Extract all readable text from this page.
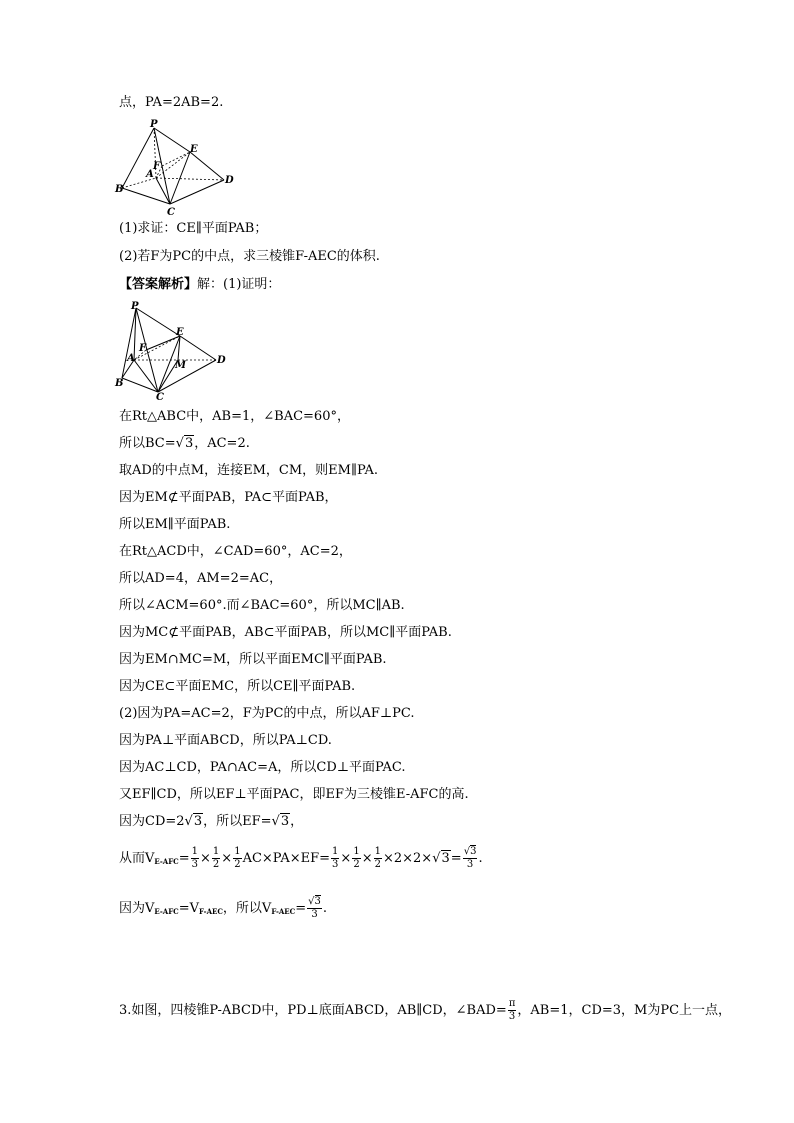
点，PA=2AB=2.
P
E
F
A
B
C
D
(1)求证：CE∥平面PAB；
(2)若F为PC的中点，求三棱锥F-AEC的体积.
【答案解析】解：(1)证明：
P
E
F
A
B
C
D
M
在Rt△ABC中，AB=1，∠BAC=60°，
所以BC=√3，AC=2.
取AD的中点M，连接EM，CM，则EM∥PA.
因为EM⊄平面PAB，PA⊂平面PAB，
所以EM∥平面PAB.
在Rt△ACD中，∠CAD=60°，AC=2，
所以AD=4，AM=2=AC，
所以∠ACM=60°.而∠BAC=60°，所以MC∥AB.
因为MC⊄平面PAB，AB⊂平面PAB，所以MC∥平面PAB.
因为EM∩MC=M，所以平面EMC∥平面PAB.
因为CE⊂平面EMC，所以CE∥平面PAB.
(2)因为PA=AC=2，F为PC的中点，所以AF⊥PC.
因为PA⊥平面ABCD，所以PA⊥CD.
因为AC⊥CD，PA∩AC=A，所以CD⊥平面PAC.
又EF∥CD，所以EF⊥平面PAC，即EF为三棱锥E-AFC的高.
因为CD=2√3，所以EF=√3，
从而$V_{E-AFC}= \frac{1}{3} \times \frac{1}{2} \times \frac{1}{2} AC\times PA\times EF= \frac{1}{3} \times \frac{1}{2} \times \frac{1}{2} \times 2\times 2\times√3= \frac{√3}{3}$ .
因为$V_{E-AFC}=V_{F-AEC}$，所以$V_{F-AEC}= \frac{√3}{3}$ .
3.如图，四棱锥P-ABCD中，PD⊥底面ABCD，AB∥CD，∠BAD= $\frac{\pi}{3}$ ，AB=1，CD=3，M为PC上一点，
